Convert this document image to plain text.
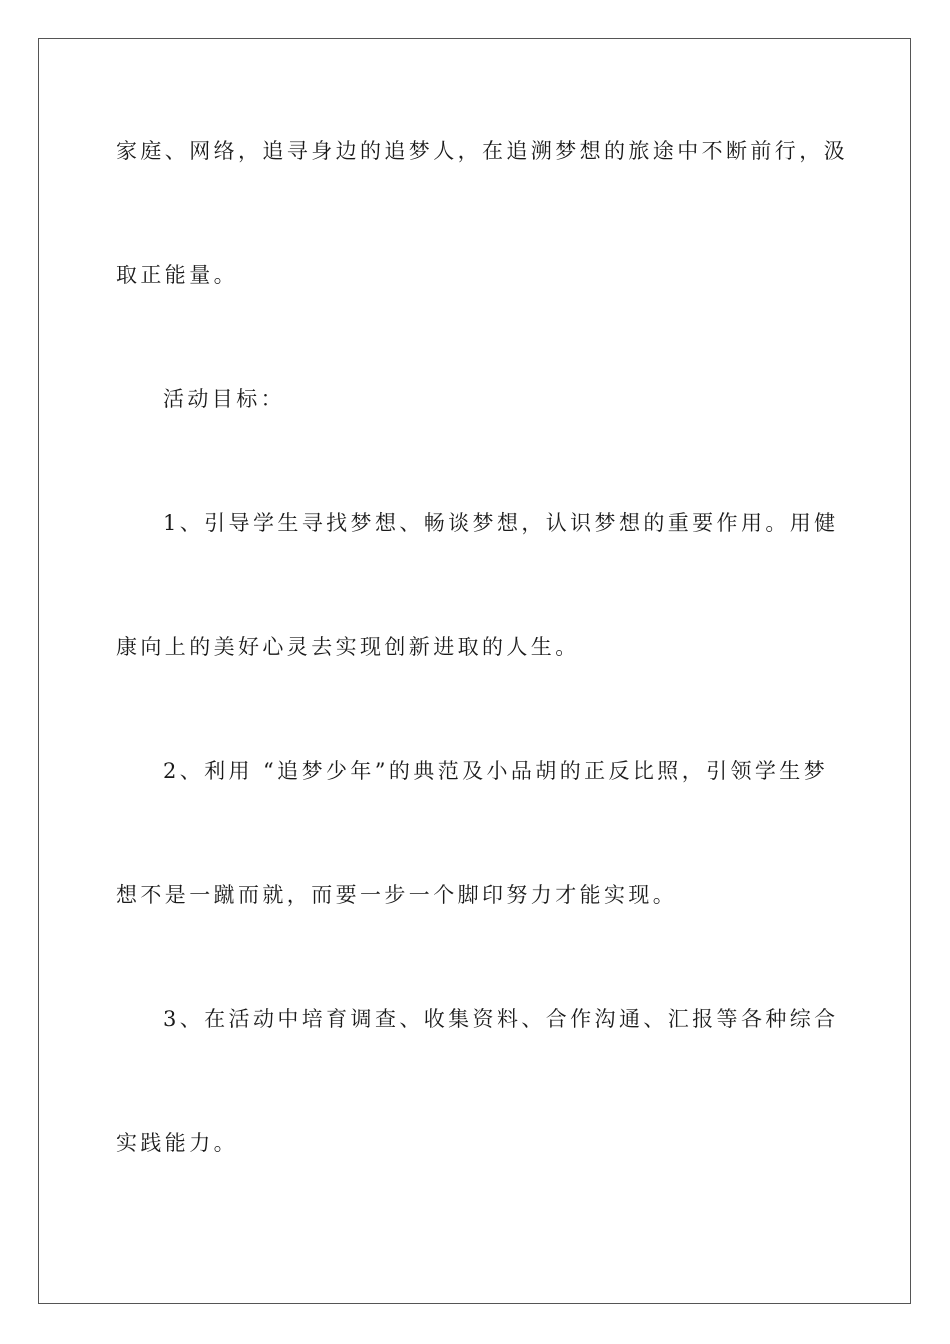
家庭、网络，追寻身边的追梦人，在追溯梦想的旅途中不断前行，汲
取正能量。
活动目标：
1、引导学生寻找梦想、畅谈梦想，认识梦想的重要作用。用健
康向上的美好心灵去实现创新进取的人生。
2、利用 “追梦少年”的典范及小品胡的正反比照，引领学生梦
想不是一蹴而就，而要一步一个脚印努力才能实现。
3、在活动中培育调查、收集资料、合作沟通、汇报等各种综合
实践能力。
